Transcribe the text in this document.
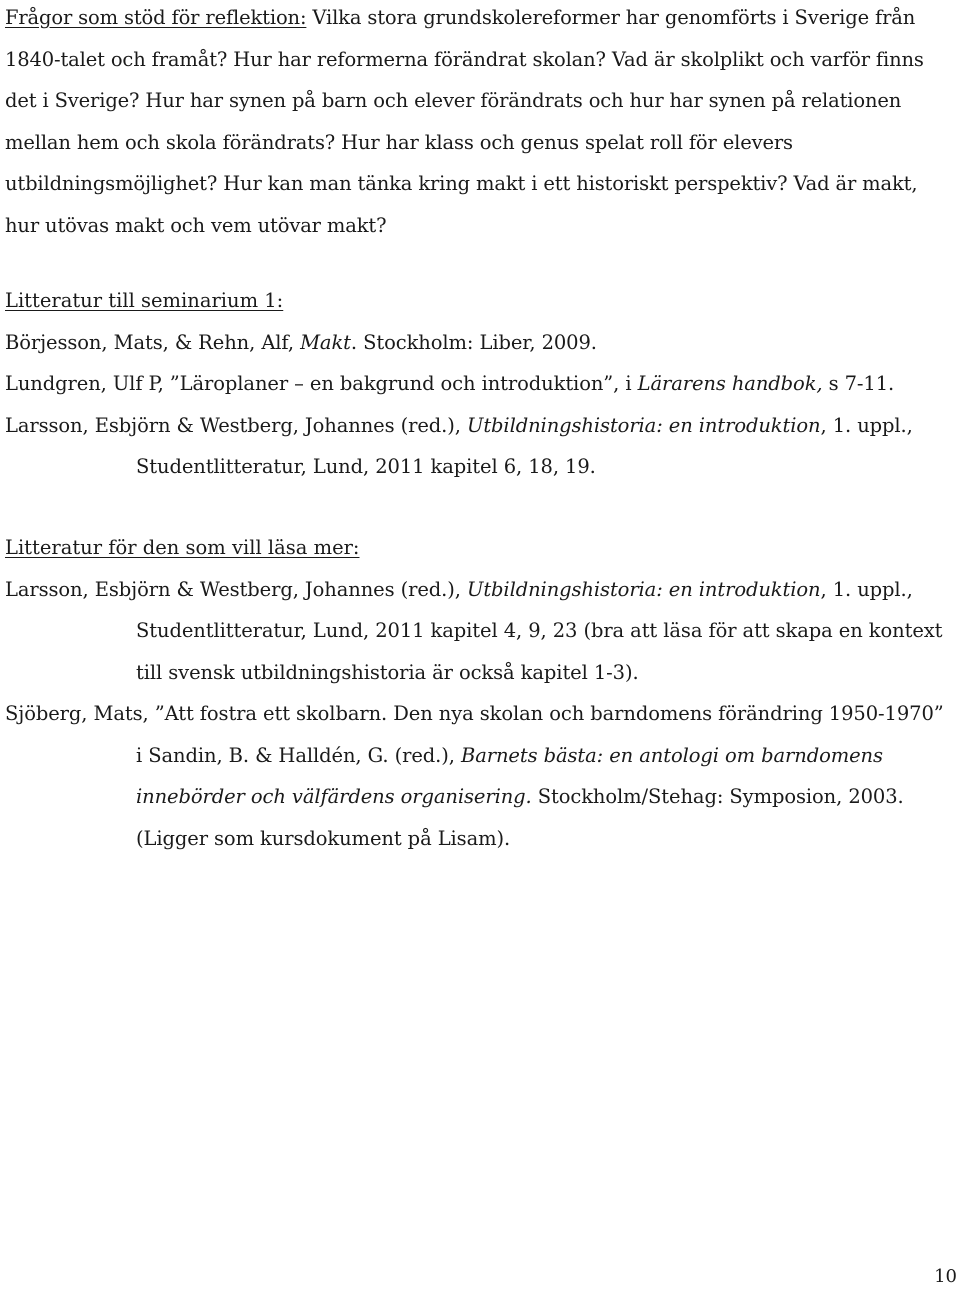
Frågor som stöd för reflektion: Vilka stora grundskolereformer har genomförts i Sverige från 1840-talet och framåt? Hur har reformerna förändrat skolan? Vad är skolplikt och varför finns det i Sverige? Hur har synen på barn och elever förändrats och hur har synen på relationen mellan hem och skola förändrats? Hur har klass och genus spelat roll för elevers utbildningsmöjlighet? Hur kan man tänka kring makt i ett historiskt perspektiv? Vad är makt, hur utövas makt och vem utövar makt?

Litteratur till seminarium 1:

Börjesson, Mats, & Rehn, Alf, Makt. Stockholm: Liber, 2009.

Lundgren, Ulf P, ”Läroplaner – en bakgrund och introduktion”, i Lärarens handbok, s 7-11.

Larsson, Esbjörn & Westberg, Johannes (red.), Utbildningshistoria: en introduktion, 1. uppl., Studentlitteratur, Lund, 2011 kapitel 6, 18, 19.

Litteratur för den som vill läsa mer:

Larsson, Esbjörn & Westberg, Johannes (red.), Utbildningshistoria: en introduktion, 1. uppl., Studentlitteratur, Lund, 2011 kapitel 4, 9, 23 (bra att läsa för att skapa en kontext till svensk utbildningshistoria är också kapitel 1-3).

Sjöberg, Mats, ”Att fostra ett skolbarn. Den nya skolan och barndomens förändring 1950-1970” i Sandin, B. & Halldén, G. (red.), Barnets bästa: en antologi om barndomens innebörder och välfärdens organisering. Stockholm/Stehag: Symposion, 2003. (Ligger som kursdokument på Lisam).

10
